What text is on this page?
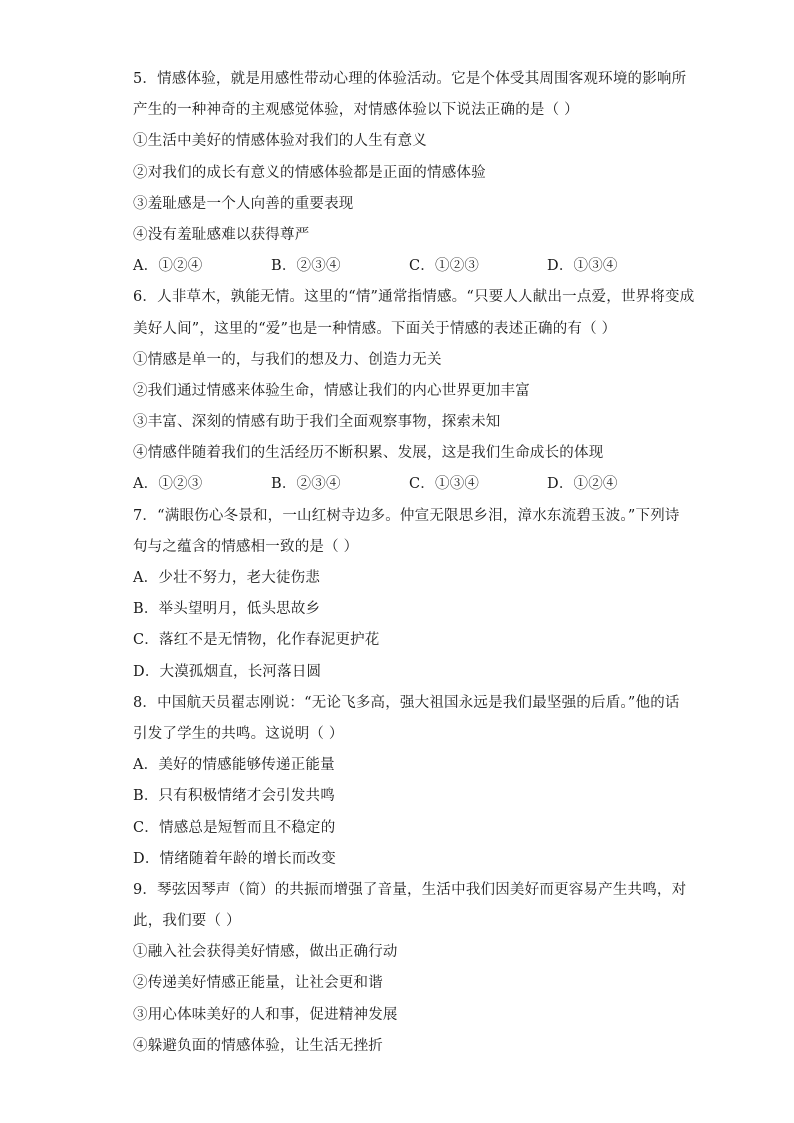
5．情感体验，就是用感性带动心理的体验活动。它是个体受其周围客观环境的影响所
产生的一种神奇的主观感觉体验，对情感体验以下说法正确的是（ ）
①生活中美好的情感体验对我们的人生有意义
②对我们的成长有意义的情感体验都是正面的情感体验
③羞耻感是一个人向善的重要表现
④没有羞耻感难以获得尊严
A．①②④	B．②③④	C．①②③	D．①③④
6．人非草木，孰能无情。这里的“情”通常指情感。“只要人人献出一点爱，世界将变成
美好人间”，这里的“爱”也是一种情感。下面关于情感的表述正确的有（ ）
①情感是单一的，与我们的想及力、创造力无关
②我们通过情感来体验生命，情感让我们的内心世界更加丰富
③丰富、深刻的情感有助于我们全面观察事物，探索未知
④情感伴随着我们的生活经历不断积累、发展，这是我们生命成长的体现
A．①②③	B．②③④	C．①③④	D．①②④
7．“满眼伤心冬景和，一山红树寺边多。仲宣无限思乡泪，漳水东流碧玉波。”下列诗
句与之蕴含的情感相一致的是（ ）
A．少壮不努力，老大徒伤悲
B．举头望明月，低头思故乡
C．落红不是无情物，化作春泥更护花
D．大漠孤烟直，长河落日圆
8．中国航天员翟志刚说：“无论飞多高，强大祖国永远是我们最坚强的后盾。”他的话
引发了学生的共鸣。这说明（ ）
A．美好的情感能够传递正能量
B．只有积极情绪才会引发共鸣
C．情感总是短暂而且不稳定的
D．情绪随着年龄的增长而改变
9．琴弦因琴声（简）的共振而增强了音量，生活中我们因美好而更容易产生共鸣，对
此，我们要（ ）
①融入社会获得美好情感，做出正确行动
②传递美好情感正能量，让社会更和谐
③用心体味美好的人和事，促进精神发展
④躲避负面的情感体验，让生活无挫折
